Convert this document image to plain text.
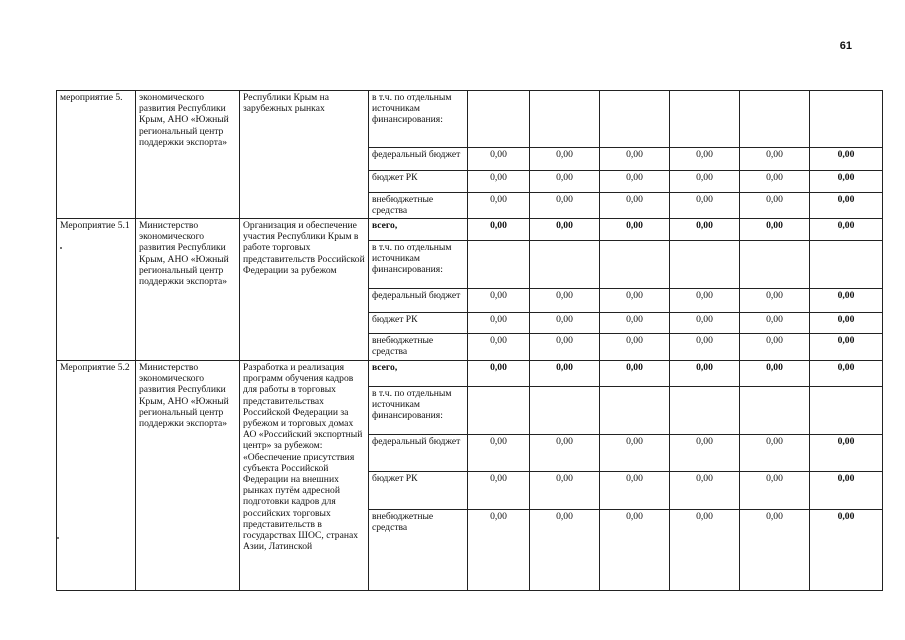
61
мероприятие 5.	экономического развития Республики Крым, АНО «Южный региональный центр поддержки экспорта»	Республики Крым на зарубежных рынках	в т.ч. по отдельным источникам финансирования:						
			федеральный бюджет	0,00	0,00	0,00	0,00	0,00	0,00
			бюджет РК	0,00	0,00	0,00	0,00	0,00	0,00
			внебюджетные средства	0,00	0,00	0,00	0,00	0,00	0,00
Мероприятие 5.1	Министерство экономического развития Республики Крым, АНО «Южный региональный центр поддержки экспорта»	Организация и обеспечение участия Республики Крым в работе торговых представительств Российской Федерации за рубежом	всего,	0,00	0,00	0,00	0,00	0,00	0,00
			в т.ч. по отдельным источникам финансирования:						
			федеральный бюджет	0,00	0,00	0,00	0,00	0,00	0,00
			бюджет РК	0,00	0,00	0,00	0,00	0,00	0,00
			внебюджетные средства	0,00	0,00	0,00	0,00	0,00	0,00
Мероприятие 5.2	Министерство экономического развития Республики Крым, АНО «Южный региональный центр поддержки экспорта»	Разработка и реализация программ обучения кадров для работы в торговых представительствах Российской Федерации за рубежом и торговых домах АО «Российский экспортный центр» за рубежом: «Обеспечение присутствия субъекта Российской Федерации на внешних рынках путём адресной подготовки кадров для российских торговых представительств в государствах ШОС, странах Азии, Латинской	всего,	0,00	0,00	0,00	0,00	0,00	0,00
			в т.ч. по отдельным источникам финансирования:						
			федеральный бюджет	0,00	0,00	0,00	0,00	0,00	0,00
			бюджет РК	0,00	0,00	0,00	0,00	0,00	0,00
			внебюджетные средства	0,00	0,00	0,00	0,00	0,00	0,00
